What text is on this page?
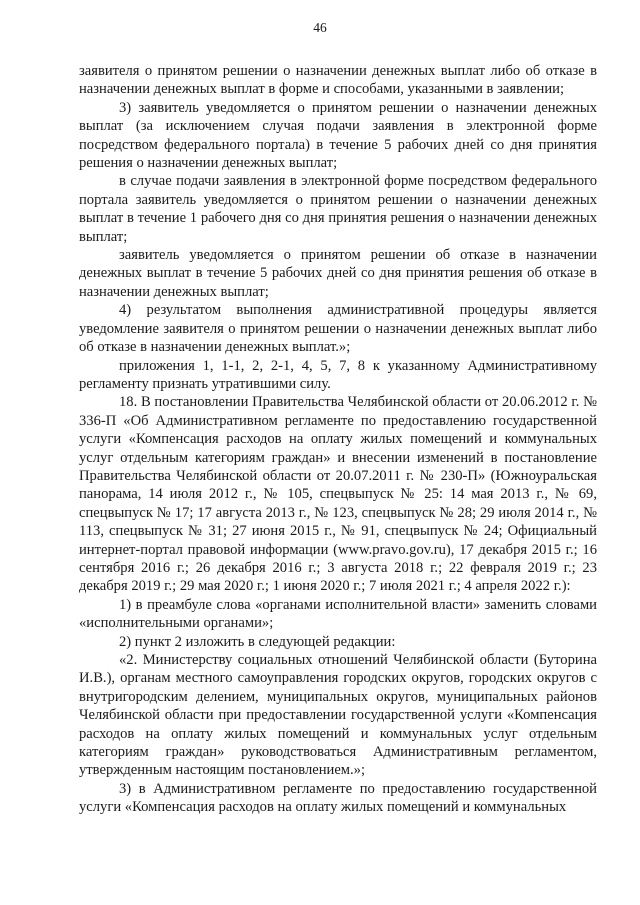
46

заявителя о принятом решении о назначении денежных выплат либо об отказе в назначении денежных выплат в форме и способами, указанными в заявлении;

3) заявитель уведомляется о принятом решении о назначении денежных выплат (за исключением случая подачи заявления в электронной форме посредством федерального портала) в течение 5 рабочих дней со дня принятия решения о назначении денежных выплат;

в случае подачи заявления в электронной форме посредством федерального портала заявитель уведомляется о принятом решении о назначении денежных выплат в течение 1 рабочего дня со дня принятия решения о назначении денежных выплат;

заявитель уведомляется о принятом решении об отказе в назначении денежных выплат в течение 5 рабочих дней со дня принятия решения об отказе в назначении денежных выплат;

4) результатом выполнения административной процедуры является уведомление заявителя о принятом решении о назначении денежных выплат либо об отказе в назначении денежных выплат.»;

приложения 1, 1-1, 2, 2-1, 4, 5, 7, 8 к указанному Административному регламенту признать утратившими силу.

18. В постановлении Правительства Челябинской области от 20.06.2012 г. № 336-П «Об Административном регламенте по предоставлению государственной услуги «Компенсация расходов на оплату жилых помещений и коммунальных услуг отдельным категориям граждан» и внесении изменений в постановление Правительства Челябинской области от 20.07.2011 г. № 230-П» (Южноуральская панорама, 14 июля 2012 г., № 105, спецвыпуск № 25: 14 мая 2013 г., № 69, спецвыпуск № 17; 17 августа 2013 г., № 123, спецвыпуск № 28; 29 июля 2014 г., № 113, спецвыпуск № 31; 27 июня 2015 г., № 91, спецвыпуск № 24; Официальный интернет-портал правовой информации (www.pravo.gov.ru), 17 декабря 2015 г.; 16 сентября 2016 г.; 26 декабря 2016 г.; 3 августа 2018 г.; 22 февраля 2019 г.; 23 декабря 2019 г.; 29 мая 2020 г.; 1 июня 2020 г.; 7 июля 2021 г.; 4 апреля 2022 г.):

1) в преамбуле слова «органами исполнительной власти» заменить словами «исполнительными органами»;

2) пункт 2 изложить в следующей редакции:

«2. Министерству социальных отношений Челябинской области (Буторина И.В.), органам местного самоуправления городских округов, городских округов с внутригородским делением, муниципальных округов, муниципальных районов Челябинской области при предоставлении государственной услуги «Компенсация расходов на оплату жилых помещений и коммунальных услуг отдельным категориям граждан» руководствоваться Административным регламентом, утвержденным настоящим постановлением.»;

3) в Административном регламенте по предоставлению государственной услуги «Компенсация расходов на оплату жилых помещений и коммунальных
